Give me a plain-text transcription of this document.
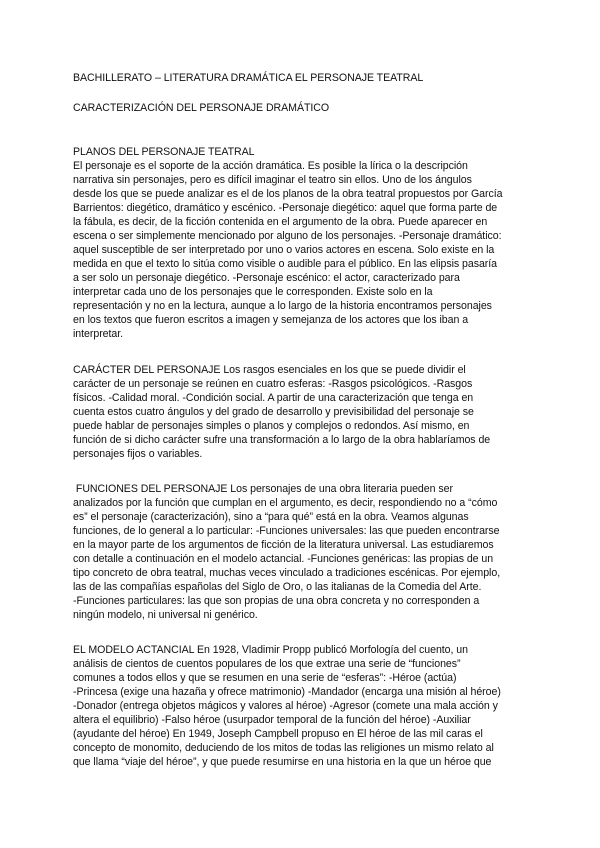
BACHILLERATO – LITERATURA DRAMÁTICA EL PERSONAJE TEATRAL
CARACTERIZACIÓN DEL PERSONAJE DRAMÁTICO
PLANOS DEL PERSONAJE TEATRAL
El personaje es el soporte de la acción dramática. Es posible la lírica o la descripción
narrativa sin personajes, pero es difícil imaginar el teatro sin ellos. Uno de los ángulos
desde los que se puede analizar es el de los planos de la obra teatral propuestos por García
Barrientos: diegético, dramático y escénico. -Personaje diegético: aquel que forma parte de
la fábula, es decir, de la ficción contenida en el argumento de la obra. Puede aparecer en
escena o ser simplemente mencionado por alguno de los personajes. -Personaje dramático:
aquel susceptible de ser interpretado por uno o varios actores en escena. Solo existe en la
medida en que el texto lo sitúa como visible o audible para el público. En las elipsis pasaría
a ser solo un personaje diegético. -Personaje escénico: el actor, caracterizado para
interpretar cada uno de los personajes que le corresponden. Existe solo en la
representación y no en la lectura, aunque a lo largo de la historia encontramos personajes
en los textos que fueron escritos a imagen y semejanza de los actores que los iban a
interpretar.
CARÁCTER DEL PERSONAJE Los rasgos esenciales en los que se puede dividir el
carácter de un personaje se reúnen en cuatro esferas: -Rasgos psicológicos. -Rasgos
físicos. -Calidad moral. -Condición social. A partir de una caracterización que tenga en
cuenta estos cuatro ángulos y del grado de desarrollo y previsibilidad del personaje se
puede hablar de personajes simples o planos y complejos o redondos. Así mismo, en
función de si dicho carácter sufre una transformación a lo largo de la obra hablaríamos de
personajes fijos o variables.
FUNCIONES DEL PERSONAJE Los personajes de una obra literaria pueden ser
analizados por la función que cumplan en el argumento, es decir, respondiendo no a “cómo
es” el personaje (caracterización), sino a “para qué” está en la obra. Veamos algunas
funciones, de lo general a lo particular: -Funciones universales: las que pueden encontrarse
en la mayor parte de los argumentos de ficción de la literatura universal. Las estudiaremos
con detalle a continuación en el modelo actancial. -Funciones genéricas: las propias de un
tipo concreto de obra teatral, muchas veces vinculado a tradiciones escénicas. Por ejemplo,
las de las compañías españolas del Siglo de Oro, o las italianas de la Comedia del Arte.
-Funciones particulares: las que son propias de una obra concreta y no corresponden a
ningún modelo, ni universal ni genérico.
EL MODELO ACTANCIAL En 1928, Vladimir Propp publicó Morfología del cuento, un
análisis de cientos de cuentos populares de los que extrae una serie de “funciones”
comunes a todos ellos y que se resumen en una serie de “esferas”: -Héroe (actúa)
-Princesa (exige una hazaña y ofrece matrimonio) -Mandador (encarga una misión al héroe)
-Donador (entrega objetos mágicos y valores al héroe) -Agresor (comete una mala acción y
altera el equilibrio) -Falso héroe (usurpador temporal de la función del héroe) -Auxiliar
(ayudante del héroe) En 1949, Joseph Campbell propuso en El héroe de las mil caras el
concepto de monomito, deduciendo de los mitos de todas las religiones un mismo relato al
que llama “viaje del héroe”, y que puede resumirse en una historia en la que un héroe que
